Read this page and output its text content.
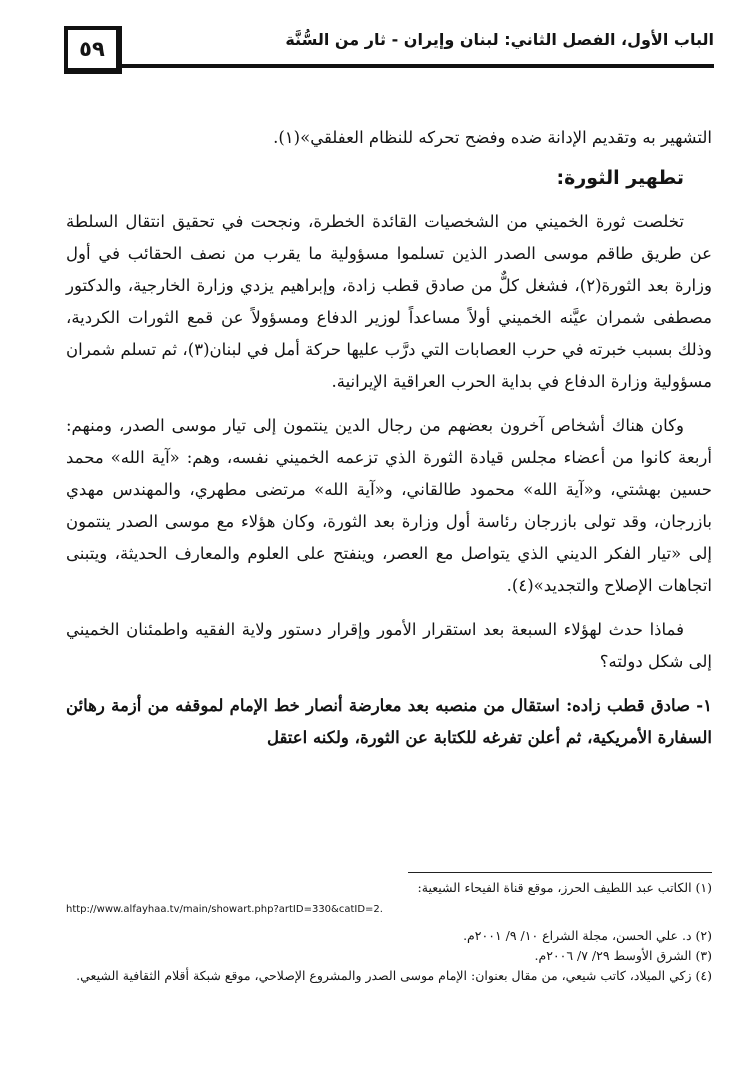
٥٩	الباب الأول، الفصل الثاني: لبنان وإيران - ثار من السُّنَّة

التشهير به وتقديم الإدانة ضده وفضح تحركه للنظام العفلقي»(١).

تطهير الثورة:

تخلصت ثورة الخميني من الشخصيات القائدة الخطرة، ونجحت في تحقيق انتقال السلطة عن طريق طاقم موسى الصدر الذين تسلموا مسؤولية ما يقرب من نصف الحقائب في أول وزارة بعد الثورة(٢)، فشغل كلٌّ من صادق قطب زادة، وإبراهيم يزدي وزارة الخارجية، والدكتور مصطفى شمران عيَّنه الخميني أولاً مساعداً لوزير الدفاع ومسؤولاً عن قمع الثورات الكردية، وذلك بسبب خبرته في حرب العصابات التي درَّب عليها حركة أمل في لبنان(٣)، ثم تسلم شمران مسؤولية وزارة الدفاع في بداية الحرب العراقية الإيرانية.

وكان هناك أشخاص آخرون بعضهم من رجال الدين ينتمون إلى تيار موسى الصدر، ومنهم: أربعة كانوا من أعضاء مجلس قيادة الثورة الذي تزعمه الخميني نفسه، وهم: «آية الله» محمد حسين بهشتي، و«آية الله» محمود طالقاني، و«آية الله» مرتضى مطهري، والمهندس مهدي بازرجان، وقد تولى بازرجان رئاسة أول وزارة بعد الثورة، وكان هؤلاء مع موسى الصدر ينتمون إلى «تيار الفكر الديني الذي يتواصل مع العصر، وينفتح على العلوم والمعارف الحديثة، ويتبنى اتجاهات الإصلاح والتجديد»(٤).

فماذا حدث لهؤلاء السبعة بعد استقرار الأمور وإقرار دستور ولاية الفقيه واطمئنان الخميني إلى شكل دولته؟

١- صادق قطب زاده: استقال من منصبه بعد معارضة أنصار خط الإمام لموقفه من أزمة رهائن السفارة الأمريكية، ثم أعلن تفرغه للكتابة عن الثورة، ولكنه اعتقل

(١) الكاتب عبد اللطيف الحرز، موقع قناة الفيحاء الشيعية:

http://www.alfayhaa.tv/main/showart.php?artID=330&catID=2.

(٢) د. علي الحسن، مجلة الشراع ١٠/ ٩/ ٢٠٠١م.

(٣) الشرق الأوسط ٢٩/ ٧/ ٢٠٠٦م.

(٤) زكي الميلاد، كاتب شيعي، من مقال بعنوان: الإمام موسى الصدر والمشروع الإصلاحي، موقع شبكة أقلام الثقافية الشيعي.
